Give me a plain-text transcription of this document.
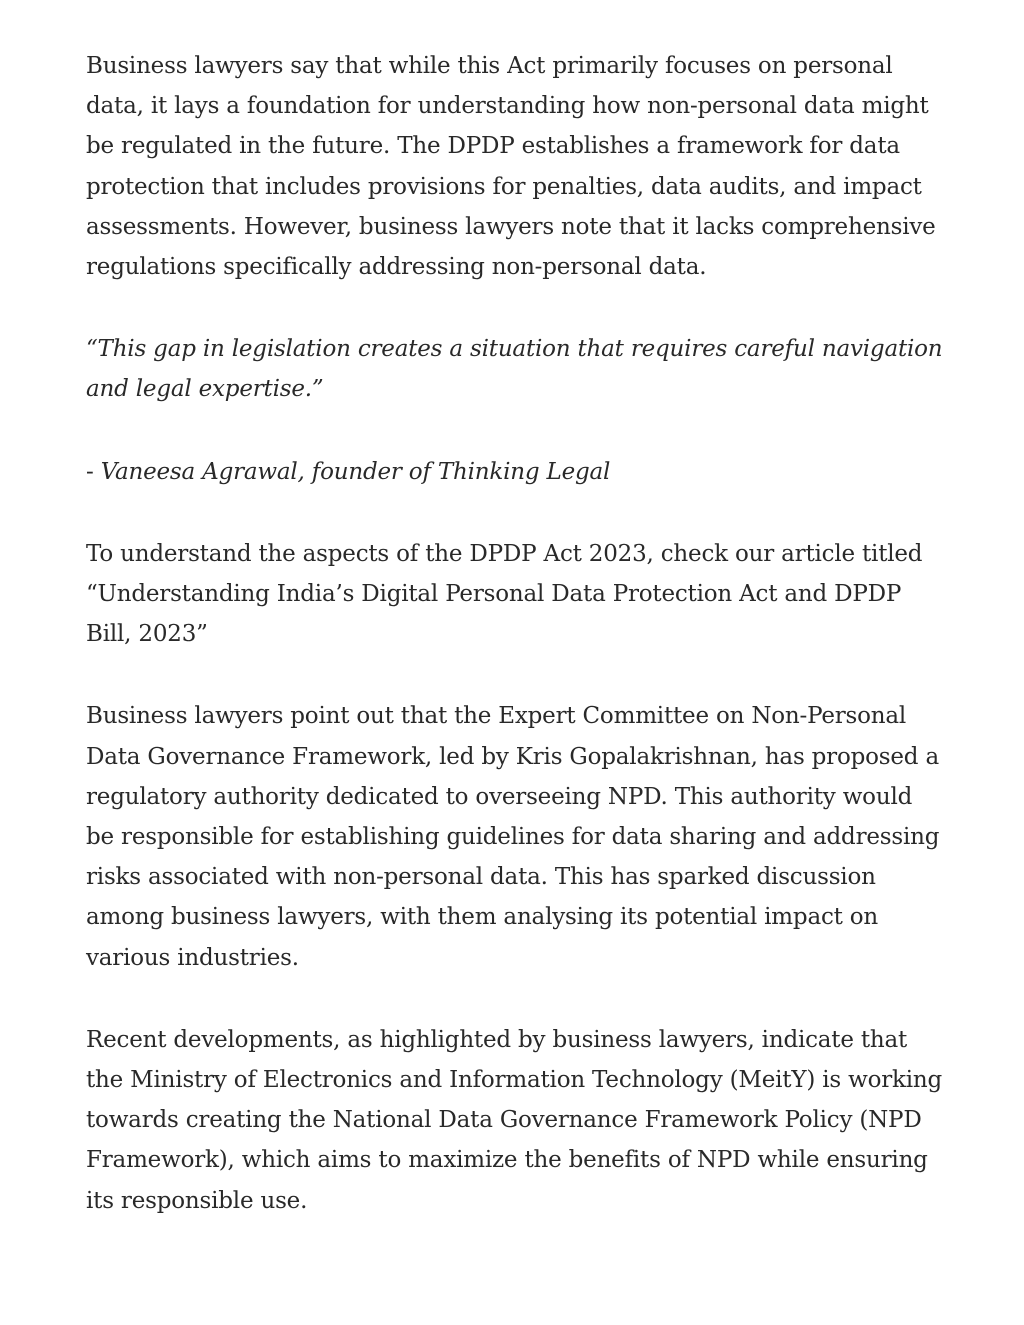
Business lawyers say that while this Act primarily focuses on personal data, it lays a foundation for understanding how non-personal data might be regulated in the future. The DPDP establishes a framework for data protection that includes provisions for penalties, data audits, and impact assessments. However, business lawyers note that it lacks comprehensive regulations specifically addressing non-personal data.

“This gap in legislation creates a situation that requires careful navigation and legal expertise.”

- Vaneesa Agrawal, founder of Thinking Legal

To understand the aspects of the DPDP Act 2023, check our article titled “Understanding India’s Digital Personal Data Protection Act and DPDP Bill, 2023”

Business lawyers point out that the Expert Committee on Non-Personal Data Governance Framework, led by Kris Gopalakrishnan, has proposed a regulatory authority dedicated to overseeing NPD. This authority would be responsible for establishing guidelines for data sharing and addressing risks associated with non-personal data. This has sparked discussion among business lawyers, with them analysing its potential impact on various industries.

Recent developments, as highlighted by business lawyers, indicate that the Ministry of Electronics and Information Technology (MeitY) is working towards creating the National Data Governance Framework Policy (NPD Framework), which aims to maximize the benefits of NPD while ensuring its responsible use.
